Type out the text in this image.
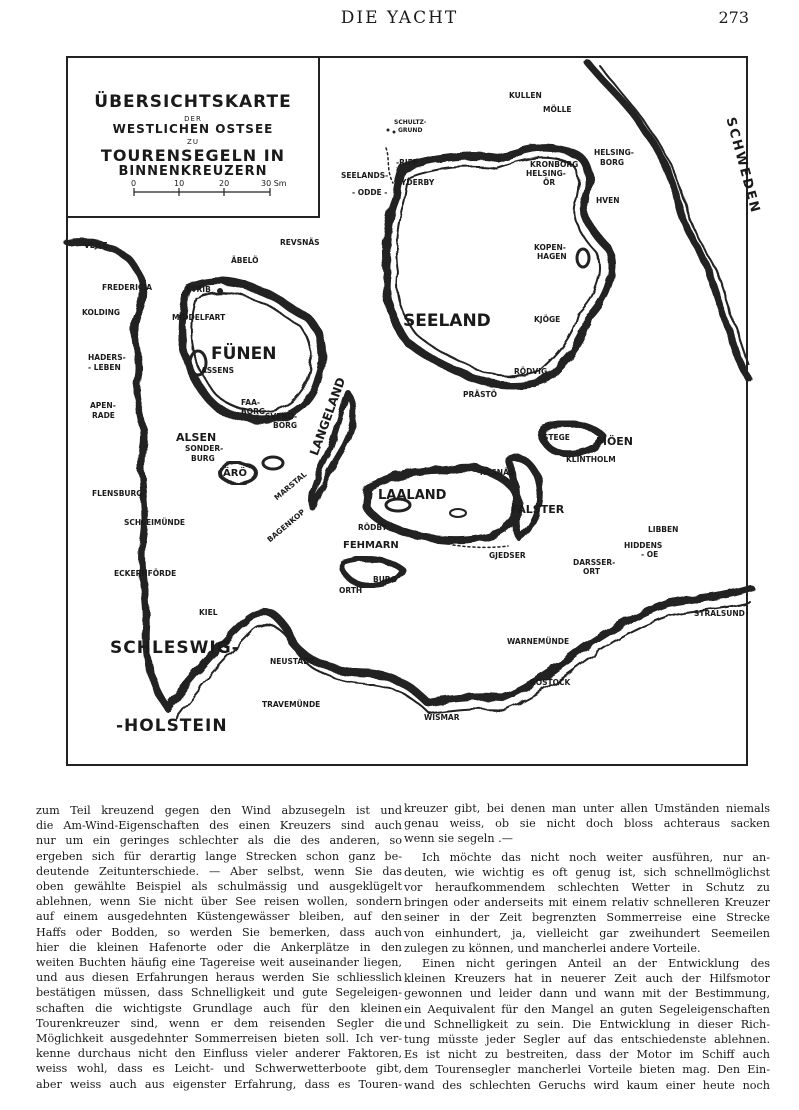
DIE YACHT	273
ÜBERSICHTSKARTE
DER
WESTLICHEN OSTSEE
ZU
TOURENSEGELN IN
BINNENKREUZERN
0	10	20	30 Sm
FÜNEN
SEELAND
LAALAND
FALSTER
MÖEN
LANGELAND
FEHMARN
ALSEN
ÄRÖ
SCHLESWIG-
-HOLSTEIN
SCHWEDEN
KULLEN
MÖLLE
HELSING-
BORG
KRONBORG
HELSING-
ÖR
HVEN
SCHULTZ-
GRUND
-RIFF
SEELANDS-
- ODDE -
YDERBY
REVSNÄS
KOPEN-
HAGEN
KJÖGE
RÖDVIG
PRÄSTÖ
STEGE
KLINTHOLM
VEJLE
ÄBELÖ
FREDERICIA	STRIB
KOLDING
MIDDELFART
HADERS-
- LEBEN	ASSENS
APEN-
RADE
FAA-
BORG
SVEND-
BORG
SONDER-
BURG
MARSTAL
BAGENKOP
FLENSBURG
NESNÄS
RÖDBY
GJEDSER
SCHLEIMÜNDE
ECKERNFÖRDE
KIEL
BURG
ORTH
LIBBEN
HIDDENS
- OE
DARSSER-
ORT
STRALSUND
WARNEMÜNDE
ROSTOCK
NEUSTADT
TRAVEMÜNDE
WISMAR

zum Teil kreuzend gegen den Wind abzusegeln ist und
die Am-Wind-Eigenschaften des einen Kreuzers sind auch
nur um ein geringes schlechter als die des anderen, so
ergeben sich für derartig lange Strecken schon ganz be-
deutende Zeitunterschiede. — Aber selbst, wenn Sie das
oben gewählte Beispiel als schulmässig und ausgeklügelt
ablehnen, wenn Sie nicht über See reisen wollen, sondern
auf einem ausgedehnten Küstengewässer bleiben, auf den
Haffs oder Bodden, so werden Sie bemerken, dass auch
hier die kleinen Hafenorte oder die Ankerplätze in den
weiten Buchten häufig eine Tagereise weit auseinander liegen,
und aus diesen Erfahrungen heraus werden Sie schliesslich
bestätigen müssen, dass Schnelligkeit und gute Segeleigen-
schaften die wichtigste Grundlage auch für den kleinen
Tourenkreuzer sind, wenn er dem reisenden Segler die
Möglichkeit ausgedehnter Sommerreisen bieten soll. Ich ver-
kenne durchaus nicht den Einfluss vieler anderer Faktoren,
weiss wohl, dass es Leicht- und Schwerwetterboote gibt,
aber weiss auch aus eigenster Erfahrung, dass es Touren-

kreuzer gibt, bei denen man unter allen Umständen niemals
genau weiss, ob sie nicht doch bloss achteraus sacken
wenn sie segeln .—

Ich möchte das nicht noch weiter ausführen, nur an-
deuten, wie wichtig es oft genug ist, sich schnellmöglichst
vor heraufkommendem schlechten Wetter in Schutz zu
bringen oder anderseits mit einem relativ schnelleren Kreuzer
seiner in der Zeit begrenzten Sommerreise eine Strecke
von einhundert, ja, vielleicht gar zweihundert Seemeilen
zulegen zu können, und mancherlei andere Vorteile.

Einen nicht geringen Anteil an der Entwicklung des
kleinen Kreuzers hat in neuerer Zeit auch der Hilfsmotor
gewonnen und leider dann und wann mit der Bestimmung,
ein Aequivalent für den Mangel an guten Segeleigenschaften
und Schnelligkeit zu sein. Die Entwicklung in dieser Rich-
tung müsste jeder Segler auf das entschiedenste ablehnen.
Es ist nicht zu bestreiten, dass der Motor im Schiff auch
dem Tourensegler mancherlei Vorteile bieten mag. Den Ein-
wand des schlechten Geruchs wird kaum einer heute noch
